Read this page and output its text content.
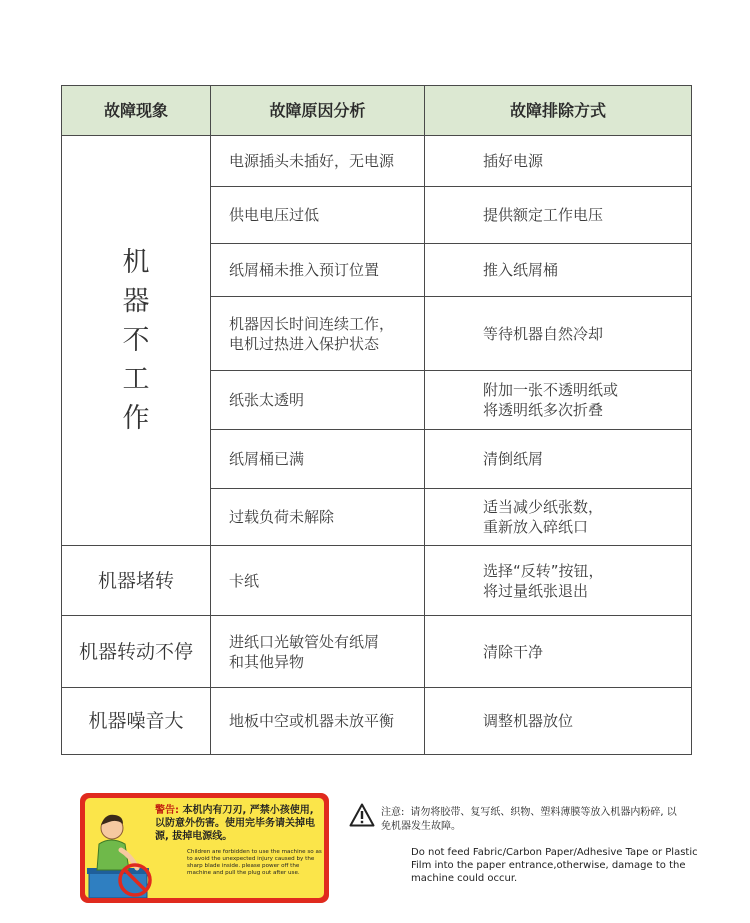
故障现象	故障原因分析	故障排除方式

机
器
不
工
作	电源插头未插好，无电源	插好电源
	供电电压过低	提供额定工作电压
	纸屑桶未推入预订位置	推入纸屑桶

	机器因长时间连续工作，
电机过热进入保护状态	等待机器自然冷却
	纸张太透明	附加一张不透明纸或
将透明纸多次折叠

	纸屑桶已满	清倒纸屑
	过载负荷未解除	适当减少纸张数，
重新放入碎纸口

机器堵转	卡纸	选择“反转”按钮，
将过量纸张退出

机器转动不停	进纸口光敏管处有纸屑
和其他异物	清除干净
机器噪音大	地板中空或机器未放平衡	调整机器放位
警告: 本机内有刀刃, 严禁小孩使用, 以防意外伤害。使用完毕务请关掉电源, 拔掉电源线。
Children are forbidden to use the machine so as to avoid the unexpected injury caused by the sharp blade inside. please power off the machine and pull the plug out after use.
注意: 请勿将胶带、复写纸、织物、塑料薄膜等放入机器内粉碎, 以免机器发生故障。
Do not feed Fabric/Carbon Paper/Adhesive Tape or Plastic Film into the paper entrance,otherwise, damage to the machine could occur.
